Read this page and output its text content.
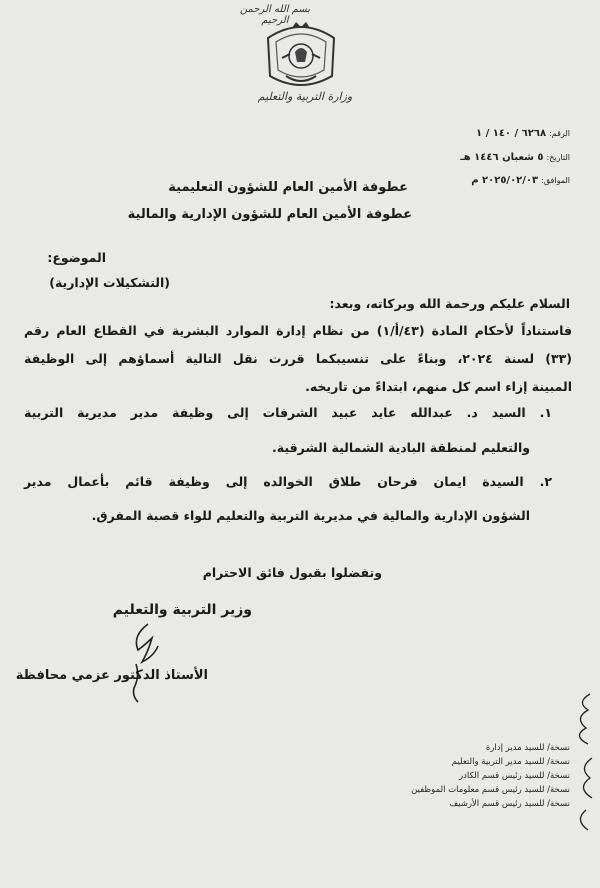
بسم الله الرحمن الرحيم
وزارة التربية والتعليم
الرقم:٦٢٦٨ / ١٤٠ / ١
التاريخ:٥ شعبان ١٤٤٦ هـ
الموافق:٢٠٢٥/٠٢/٠٣ م
عطوفة الأمين العام للشؤون التعليمية
عطوفة الأمين العام للشؤون الإدارية والمالية
الموضوع:
(التشكيلات الإدارية)
السلام عليكم ورحمة الله وبركاته، وبعد:
فاستناداً لأحكام المادة (٤٣/أ/١) من نظام إدارة الموارد البشرية في القطاع العام رقم
(٣٣) لسنة ٢٠٢٤، وبناءً على تنسيبكما قررت نقل التالية أسماؤهم إلى الوظيفة
المبينة إزاء اسم كل منهم، ابتداءً من تاريخه.
١. السيد د. عبدالله عايد عبيد الشرفات إلى وظيفة مدير مديرية التربية
والتعليم لمنطقة البادية الشمالية الشرقية.
٢. السيدة ايمان فرحان طلاق الخوالده إلى وظيفة قائم بأعمال مدير
الشؤون الإدارية والمالية في مديرية التربية والتعليم للواء قصبة المفرق.
وتفضلوا بقبول فائق الاحترام
وزير التربية والتعليم
الأستاذ الدكتور عزمي محافظة
نسخة/ للسيد مدير إدارة
نسخة/ للسيد مدير التربية والتعليم
نسخة/ للسيد رئيس قسم الكادر
نسخة/ للسيد رئيس قسم معلومات الموظفين
نسخة/ للسيد رئيس قسم الأرشيف
